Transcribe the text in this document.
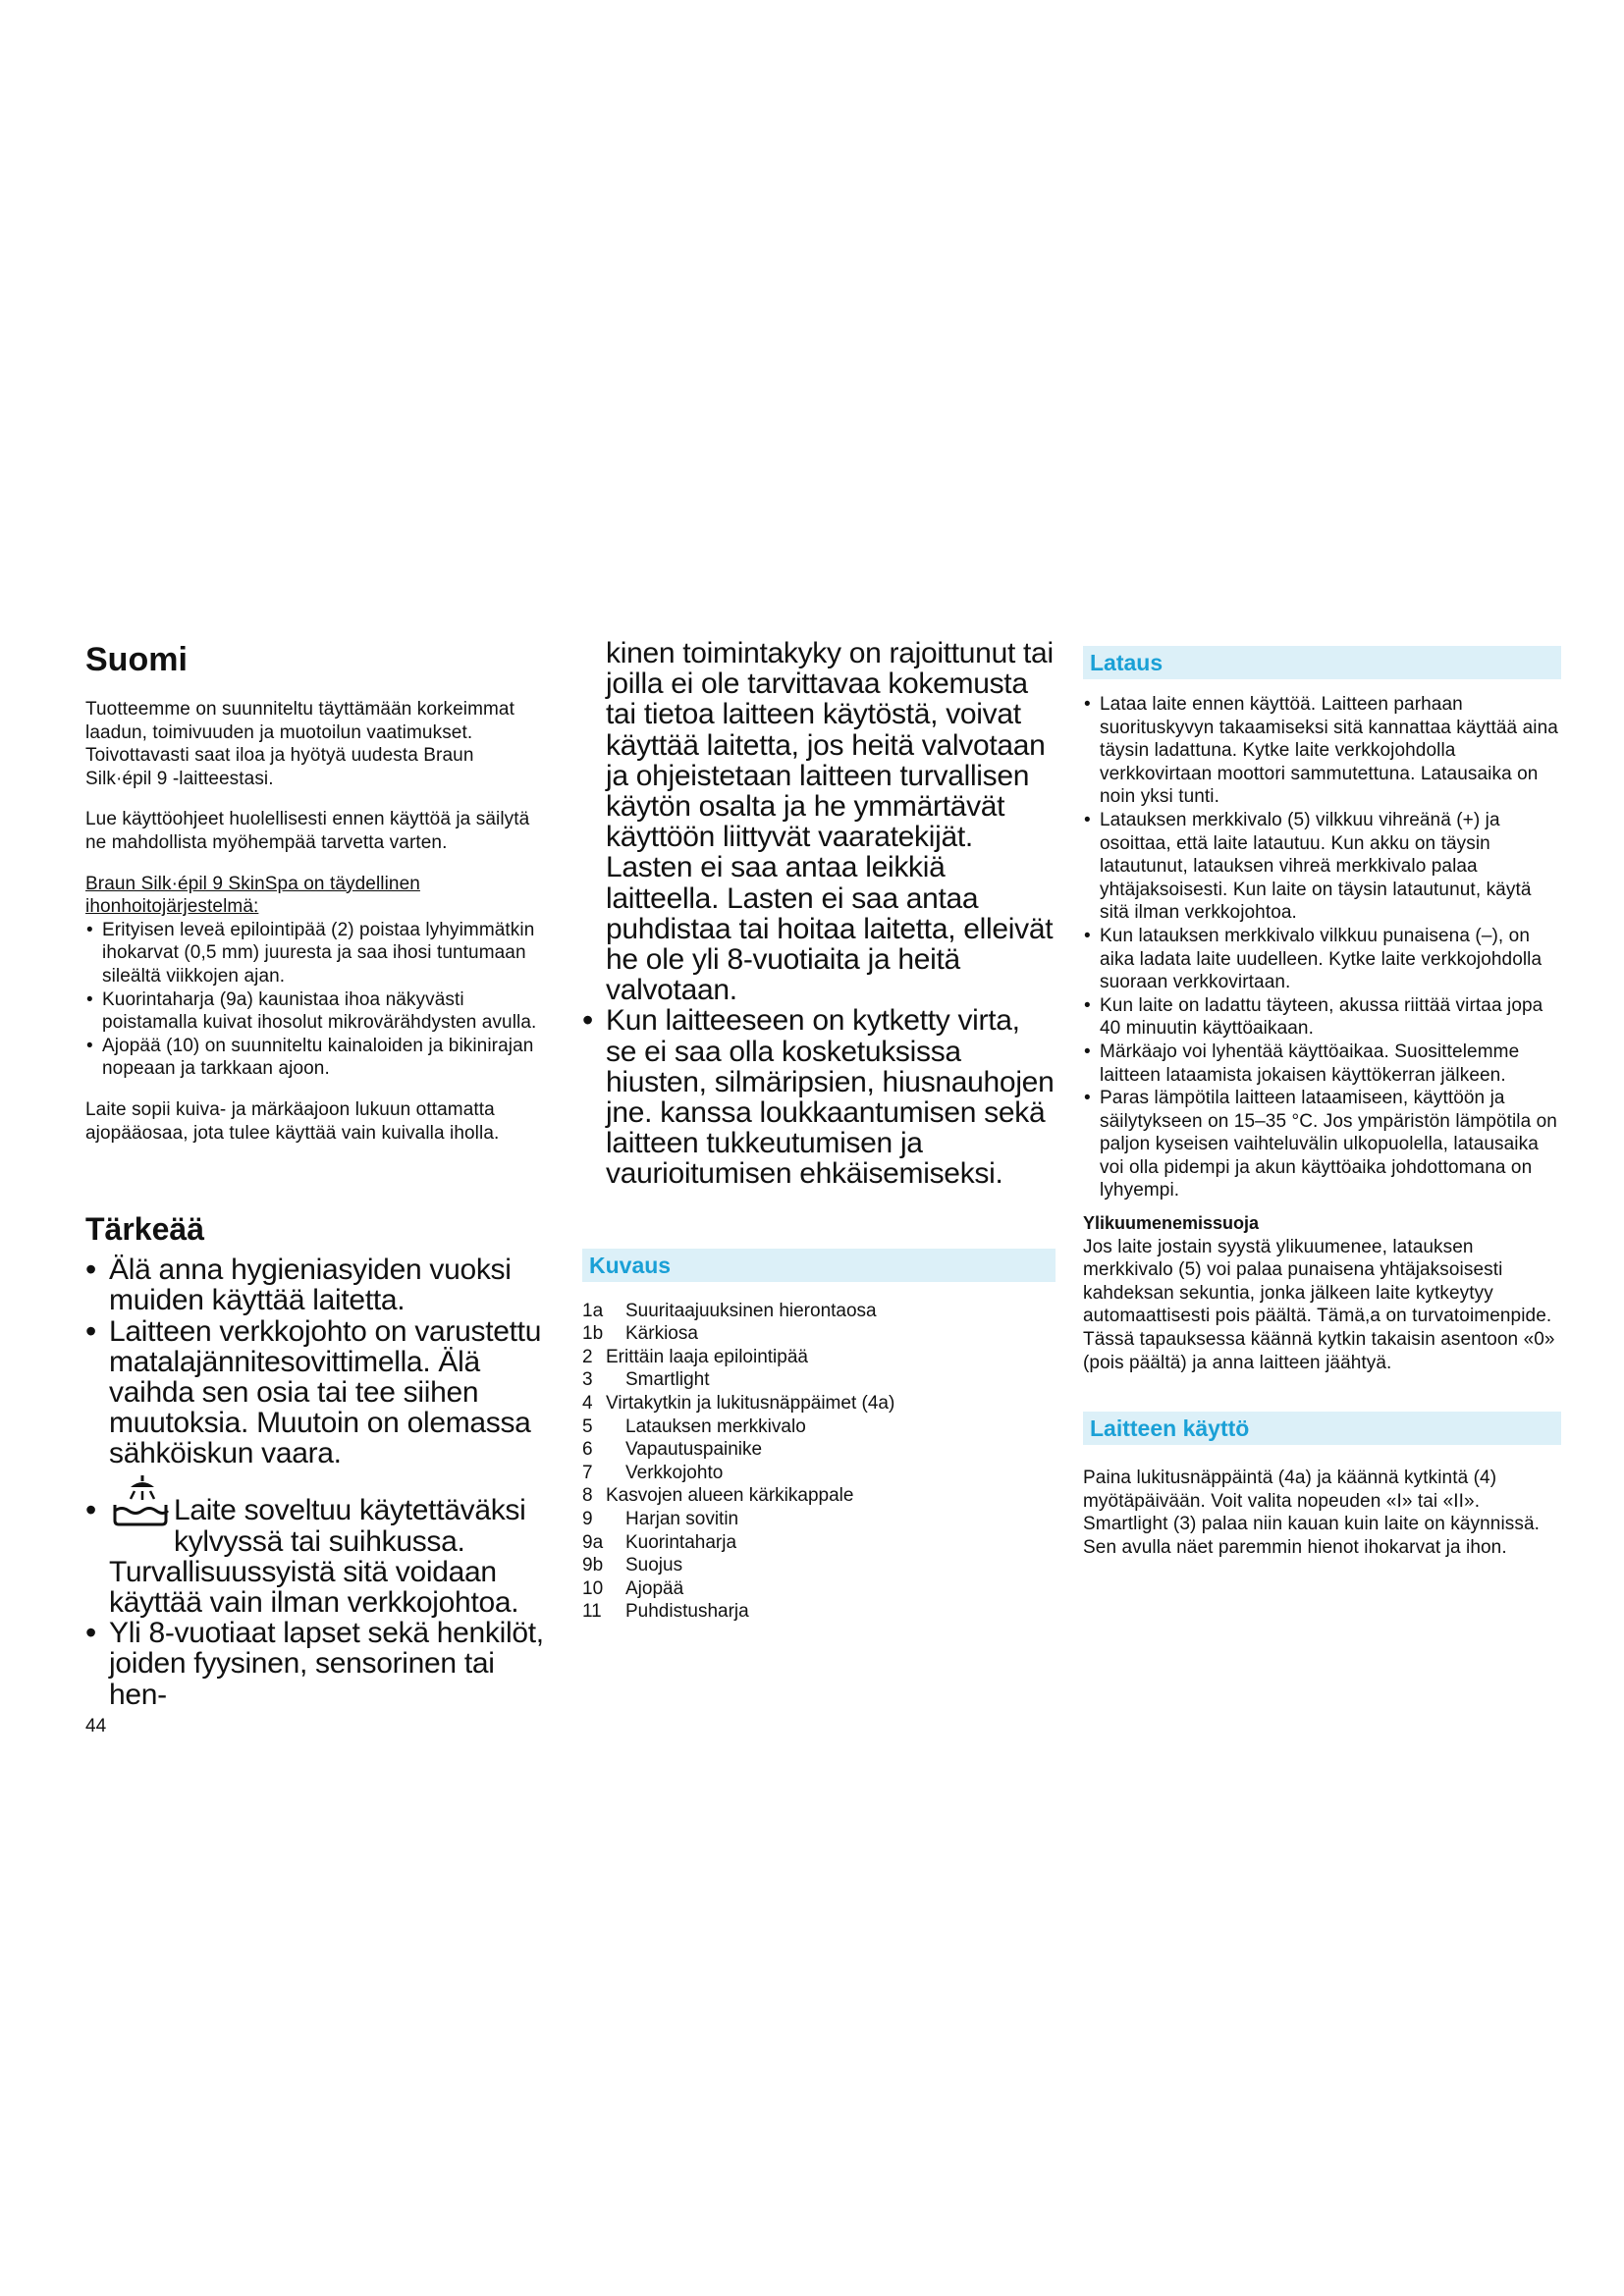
Suomi

Tuotteemme on suunniteltu täyttämään korkeimmat laadun, toimivuuden ja muotoilun vaatimukset. Toivottavasti saat iloa ja hyötyä uudesta Braun Silk·épil 9 -laitteestasi.

Lue käyttöohjeet huolellisesti ennen käyttöä ja säilytä ne mahdollista myöhempää tarvetta varten.

Braun Silk·épil 9 SkinSpa on täydellinen ihonhoitojärjestelmä:
• Erityisen leveä epilointipää (2) poistaa lyhyimmätkin ihokarvat (0,5 mm) juuresta ja saa ihosi tuntumaan sileältä viikkojen ajan.
• Kuorintaharja (9a) kaunistaa ihoa näkyvästi poistamalla kuivat ihosolut mikrovärähdysten avulla.
• Ajopää (10) on suunniteltu kainaloiden ja bikinirajan nopeaan ja tarkkaan ajoon.

Laite sopii kuiva- ja märkäajoon lukuun ottamatta ajopääosaa, jota tulee käyttää vain kuivalla iholla.

Tärkeää
• Älä anna hygieniasyiden vuoksi muiden käyttää laitetta.
• Laitteen verkkojohto on varustettu matalajännitesovittimella. Älä vaihda sen osia tai tee siihen muutoksia. Muutoin on olemassa sähköiskun vaara.
•	Laite soveltuu käytettäväksi
kylvyssä tai suihkussa.
Turvallisuussyistä sitä voidaan käyttää vain ilman verkkojohtoa.
• Yli 8-vuotiaat lapset sekä henkilöt, joiden fyysinen, sensorinen tai hen-
44
kinen toimintakyky on rajoittunut tai joilla ei ole tarvittavaa kokemusta tai tietoa laitteen käytöstä, voivat käyttää laitetta, jos heitä valvotaan ja ohjeistetaan laitteen turvallisen käytön osalta ja he ymmärtävät käyttöön liittyvät vaaratekijät. Lasten ei saa antaa leikkiä laitteella. Lasten ei saa antaa puhdistaa tai hoitaa laitetta, elleivät he ole yli 8-vuotiaita ja heitä valvotaan.
• Kun laitteeseen on kytketty virta, se ei saa olla kosketuksissa hiusten, silmäripsien, hiusnauhojen jne. kanssa loukkaantumisen sekä laitteen tukkeutumisen ja vaurioitumisen ehkäisemiseksi.
Kuvaus
1a	Suuritaajuuksinen hierontaosa
1b	Kärkiosa
2 Erittäin laaja epilointipää
3	Smartlight
4 Virtakytkin ja lukitusnäppäimet (4a)
5	Latauksen merkkivalo
6	Vapautuspainike
7	Verkkojohto
8 Kasvojen alueen kärkikappale
9	Harjan sovitin
9a	Kuorintaharja
9b	Suojus
10	Ajopää
11	Puhdistusharja
Lataus
• Lataa laite ennen käyttöä. Laitteen parhaan suorituskyvyn takaamiseksi sitä kannattaa käyttää aina täysin ladattuna. Kytke laite verkkojohdolla verkkovirtaan moottori sammutettuna. Latausaika on noin yksi tunti.
• Latauksen merkkivalo (5) vilkkuu vihreänä (+) ja osoittaa, että laite latautuu. Kun akku on täysin latautunut, latauksen vihreä merkkivalo palaa yhtäjaksoisesti. Kun laite on täysin latautunut, käytä sitä ilman verkkojohtoa.
• Kun latauksen merkkivalo vilkkuu punaisena (–), on aika ladata laite uudelleen. Kytke laite verkkojohdolla suoraan verkkovirtaan.
• Kun laite on ladattu täyteen, akussa riittää virtaa jopa 40 minuutin käyttöaikaan.
• Märkäajo voi lyhentää käyttöaikaa. Suosittelemme laitteen lataamista jokaisen käyttökerran jälkeen.
• Paras lämpötila laitteen lataamiseen, käyttöön ja säilytykseen on 15–35 °C. Jos ympäristön lämpötila on paljon kyseisen vaihteluvälin ulkopuolella, latausaika voi olla pidempi ja akun käyttöaika johdottomana on lyhyempi.
Ylikuumenemissuoja

Jos laite jostain syystä ylikuumenee, latauksen merkkivalo (5) voi palaa punaisena yhtäjaksoisesti kahdeksan sekuntia, jonka jälkeen laite kytkeytyy automaattisesti pois päältä. Tämä,a on turvatoimenpide. Tässä tapauksessa käännä kytkin takaisin asentoon «0» (pois päältä) ja anna laitteen jäähtyä.

Laitteen käyttö

Paina lukitusnäppäintä (4a) ja käännä kytkintä (4) myötäpäivään. Voit valita nopeuden «I» tai «II». Smartlight (3) palaa niin kauan kuin laite on käynnissä. Sen avulla näet paremmin hienot ihokarvat ja ihon.
